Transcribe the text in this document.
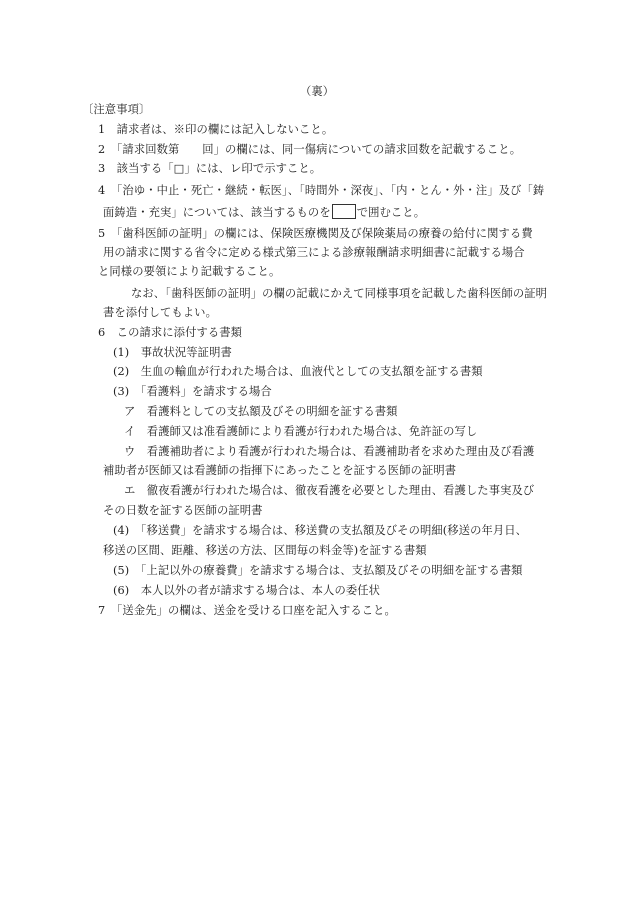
（裏）
〔注意事項〕
1　請求者は、※印の欄には記入しないこと。
2　「請求回数第　　回」の欄には、同一傷病についての請求回数を記載すること。
3　該当する「□」には、レ印で示すこと。
4　「治ゆ・中止・死亡・継続・転医」、「時間外・深夜」、「内・とん・外・注」及び「鋳
面鋳造・充実」については、該当するものを で囲むこと。
5　「歯科医師の証明」の欄には、保険医療機関及び保険薬局の療養の給付に関する費
用の請求に関する省令に定める様式第三による診療報酬請求明細書に記載する場合
と同様の要領により記載すること。
なお、「歯科医師の証明」の欄の記載にかえて同様事項を記載した歯科医師の証明
書を添付してもよい。
6　この請求に添付する書類
(1)　事故状況等証明書
(2)　生血の輸血が行われた場合は、血液代としての支払額を証する書類
(3)　「看護料」を請求する場合
ア　看護料としての支払額及びその明細を証する書類
イ　看護師又は准看護師により看護が行われた場合は、免許証の写し
ウ　看護補助者により看護が行われた場合は、看護補助者を求めた理由及び看護
補助者が医師又は看護師の指揮下にあったことを証する医師の証明書
エ　徹夜看護が行われた場合は、徹夜看護を必要とした理由、看護した事実及び
その日数を証する医師の証明書
(4)　「移送費」を請求する場合は、移送費の支払額及びその明細(移送の年月日、
移送の区間、距離、移送の方法、区間毎の料金等)を証する書類
(5)　「上記以外の療養費」を請求する場合は、支払額及びその明細を証する書類
(6)　本人以外の者が請求する場合は、本人の委任状
7　「送金先」の欄は、送金を受ける口座を記入すること。
